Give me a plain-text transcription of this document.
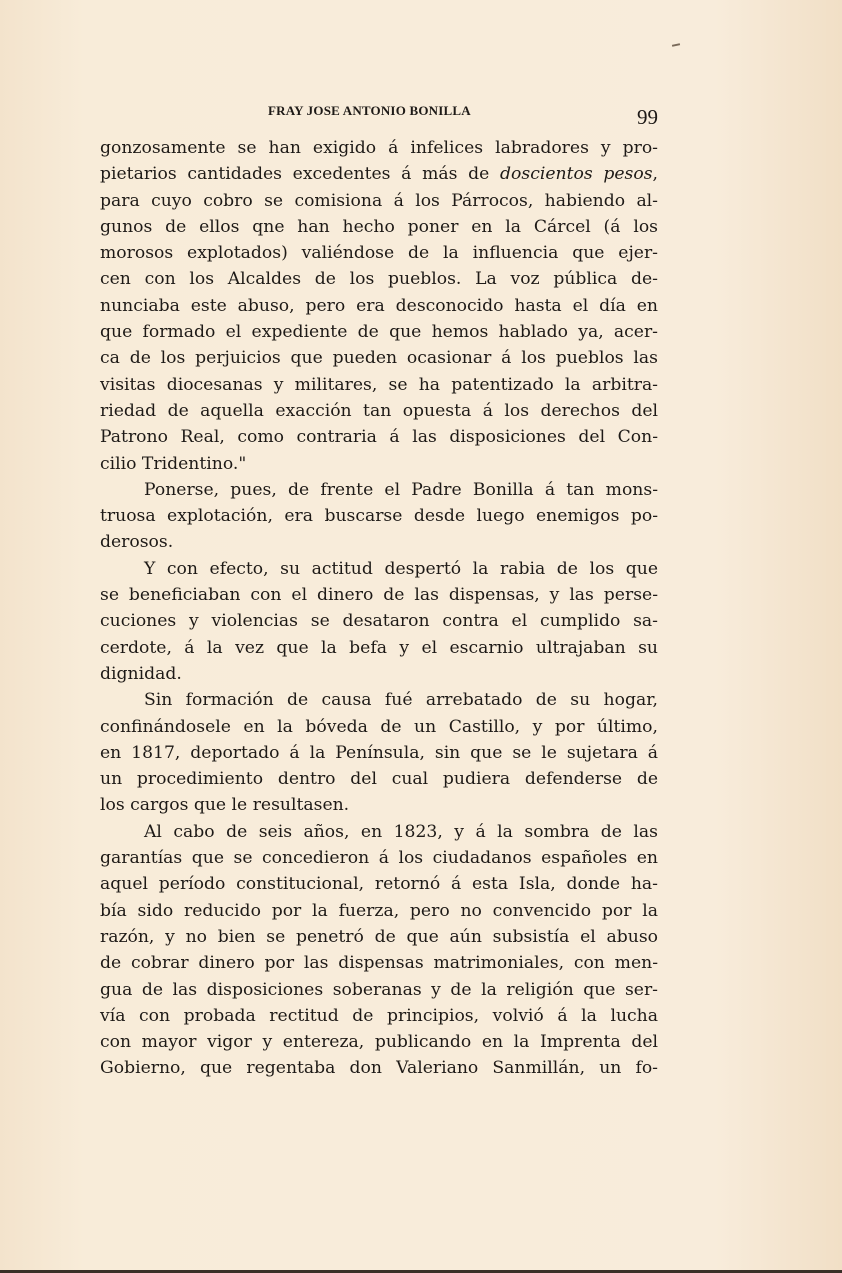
FRAY JOSE ANTONIO BONILLA	99
gonzosamente se han exigido á infelices labradores y pro-
pietarios cantidades excedentes á más de doscientos pesos,
para cuyo cobro se comisiona á los Párrocos, habiendo al-
gunos de ellos qne han hecho poner en la Cárcel (á los
morosos explotados) valiéndose de la influencia que ejer-
cen con los Alcaldes de los pueblos. La voz pública de-
nunciaba este abuso, pero era desconocido hasta el día en
que formado el expediente de que hemos hablado ya, acer-
ca de los perjuicios que pueden ocasionar á los pueblos las
visitas diocesanas y militares, se ha patentizado la arbitra-
riedad de aquella exacción tan opuesta á los derechos del
Patrono Real, como contraria á las disposiciones del Con-
cilio Tridentino."
Ponerse, pues, de frente el Padre Bonilla á tan mons-
truosa explotación, era buscarse desde luego enemigos po-
derosos.
Y con efecto, su actitud despertó la rabia de los que
se beneficiaban con el dinero de las dispensas, y las perse-
cuciones y violencias se desataron contra el cumplido sa-
cerdote, á la vez que la befa y el escarnio ultrajaban su
dignidad.
Sin formación de causa fué arrebatado de su hogar,
confinándosele en la bóveda de un Castillo, y por último,
en 1817, deportado á la Península, sin que se le sujetara á
un procedimiento dentro del cual pudiera defenderse de
los cargos que le resultasen.
Al cabo de seis años, en 1823, y á la sombra de las
garantías que se concedieron á los ciudadanos españoles en
aquel período constitucional, retornó á esta Isla, donde ha-
bía sido reducido por la fuerza, pero no convencido por la
razón, y no bien se penetró de que aún subsistía el abuso
de cobrar dinero por las dispensas matrimoniales, con men-
gua de las disposiciones soberanas y de la religión que ser-
vía con probada rectitud de principios, volvió á la lucha
con mayor vigor y entereza, publicando en la Imprenta del
Gobierno, que regentaba don Valeriano Sanmillán, un fo-
